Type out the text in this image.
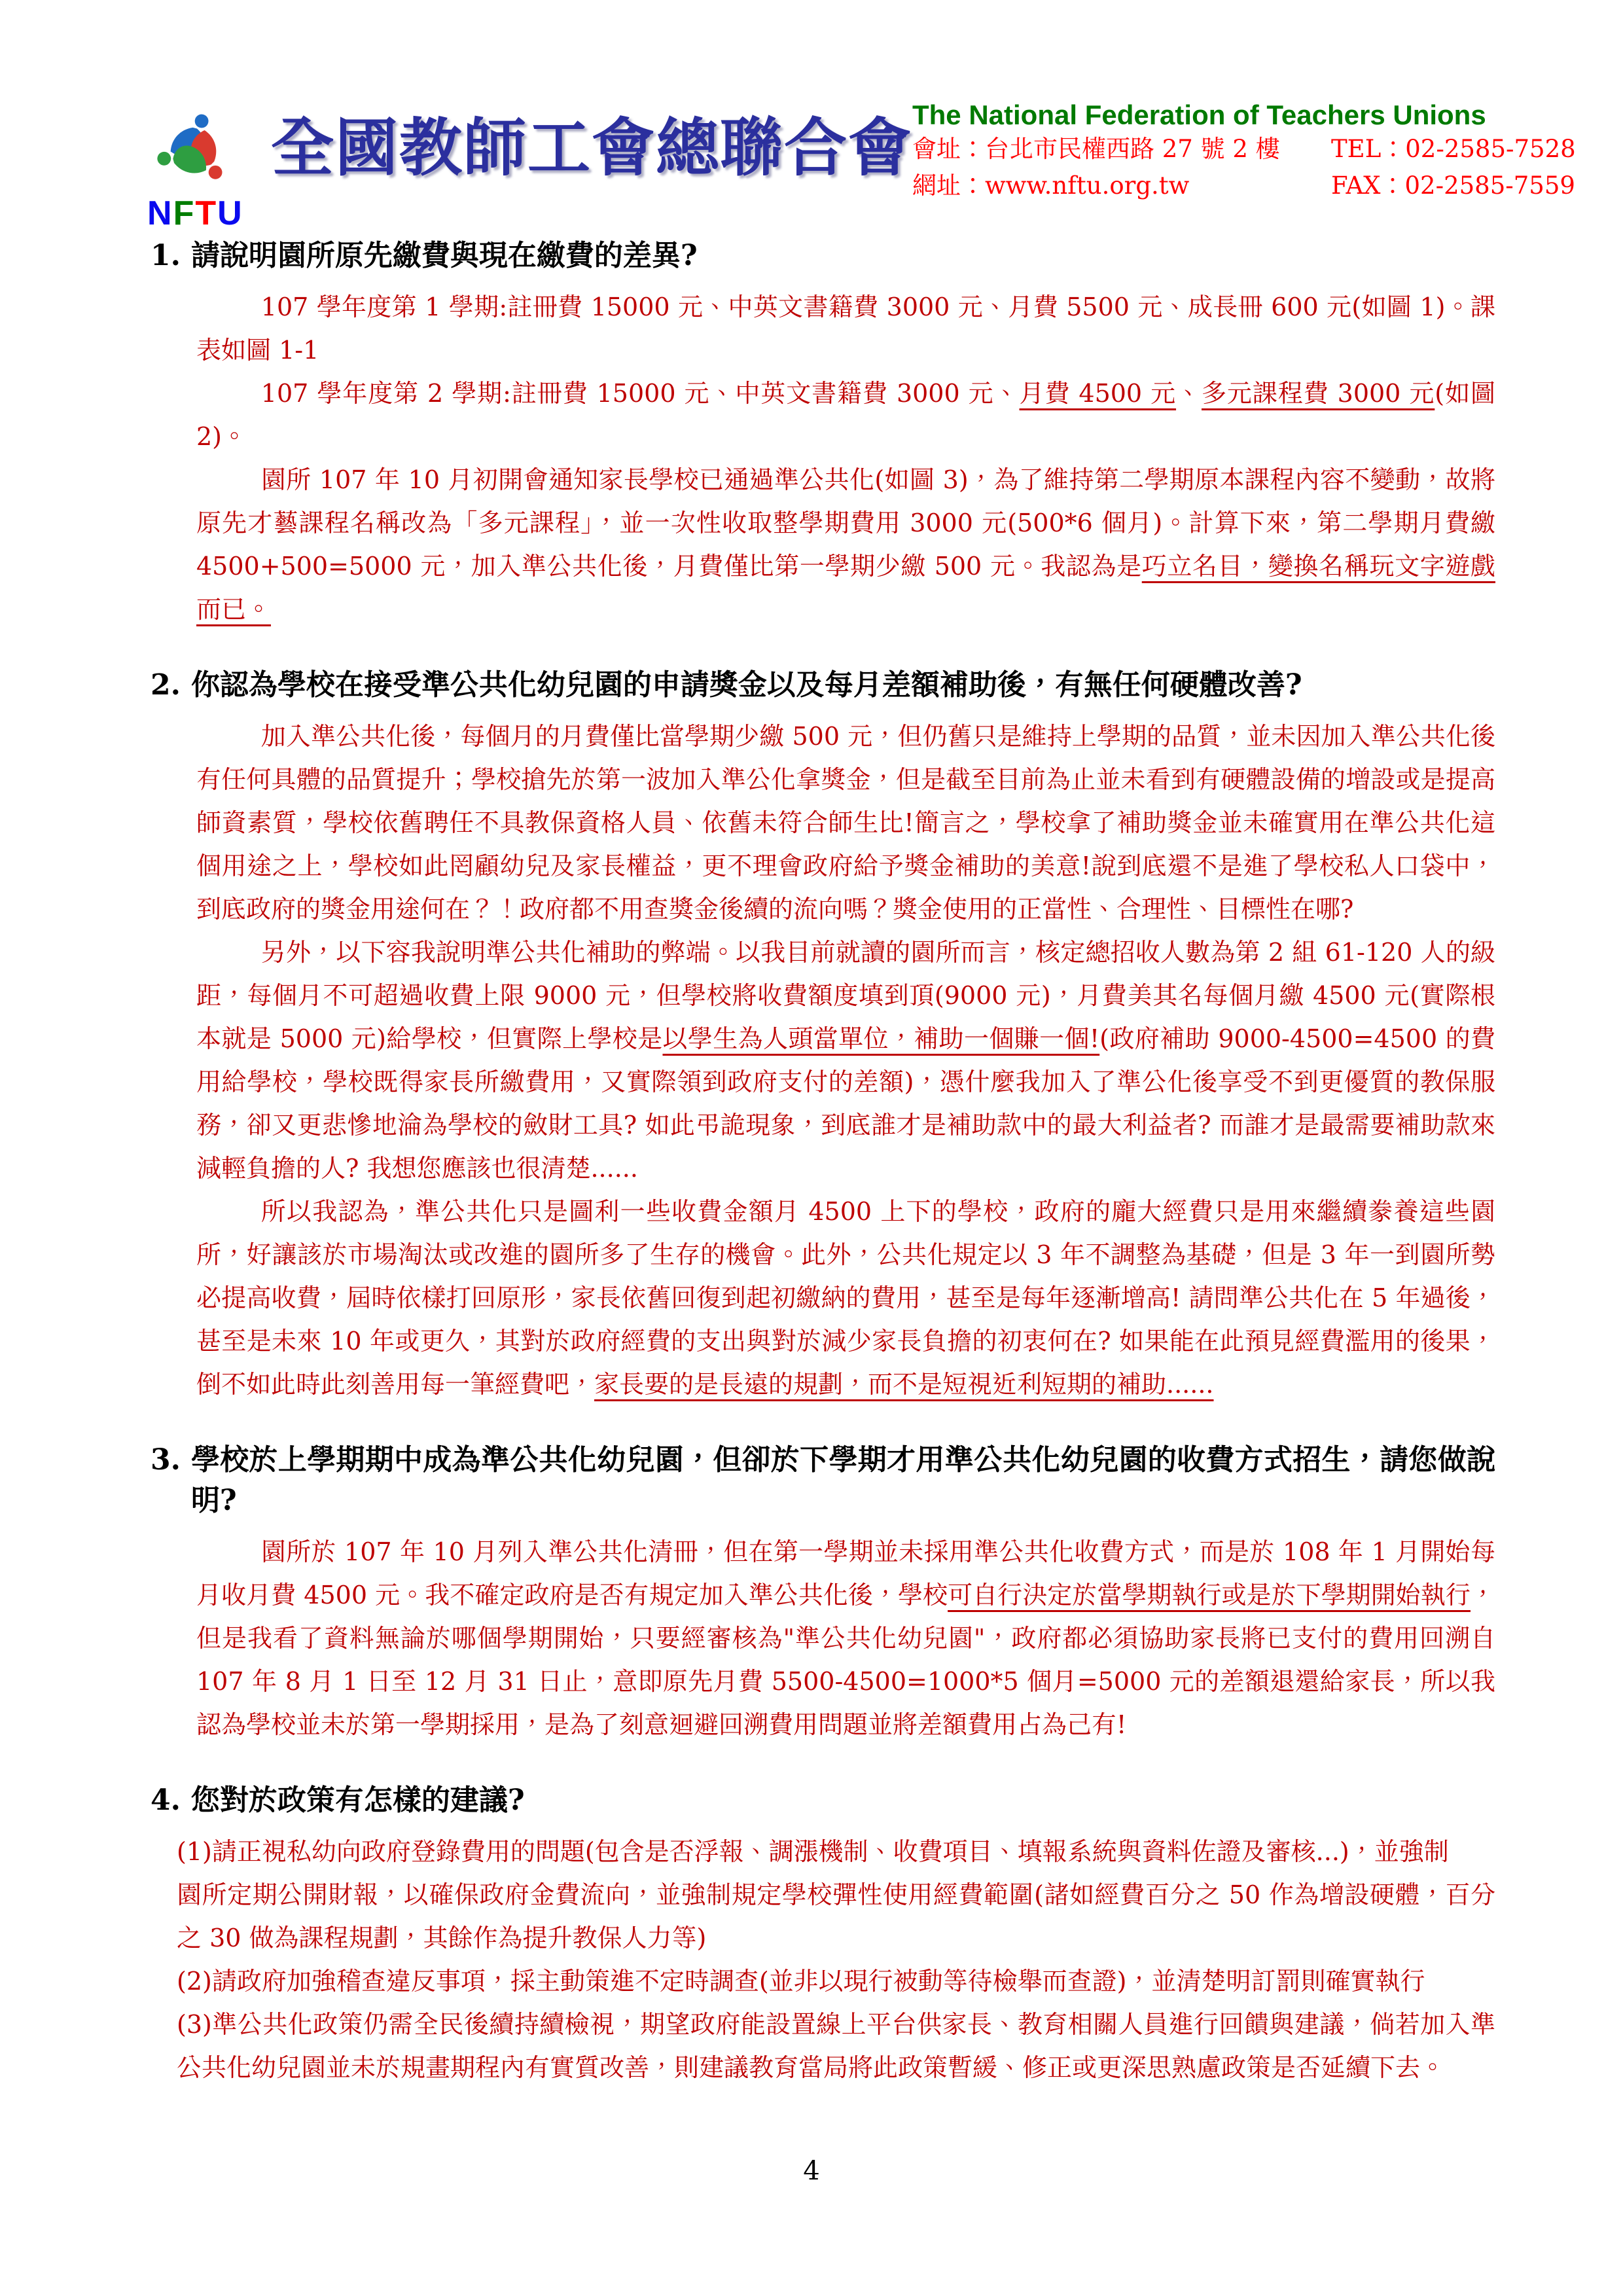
NFTU
全國教師工會總聯合會 The National Federation of Teachers Unions
會址：台北市民權西路 27 號 2 樓 TEL：02-2585-7528
網址：www.nftu.org.tw	FAX：02-2585-7559
1. 請說明園所原先繳費與現在繳費的差異?

107 學年度第 1 學期:註冊費 15000 元、中英文書籍費 3000 元、月費 5500 元、成長冊 600 元(如圖 1)。課表如圖 1-1

107 學年度第 2 學期:註冊費 15000 元、中英文書籍費 3000 元、月費 4500 元、多元課程費 3000 元(如圖 2)。

園所 107 年 10 月初開會通知家長學校已通過準公共化(如圖 3)，為了維持第二學期原本課程內容不變動，故將原先才藝課程名稱改為「多元課程」，並一次性收取整學期費用 3000 元(500*6 個月)。計算下來，第二學期月費繳 4500+500=5000 元，加入準公共化後，月費僅比第一學期少繳 500 元。我認為是巧立名目，變換名稱玩文字遊戲而已。

2. 你認為學校在接受準公共化幼兒園的申請獎金以及每月差額補助後，有無任何硬體改善?

加入準公共化後，每個月的月費僅比當學期少繳 500 元，但仍舊只是維持上學期的品質，並未因加入準公共化後有任何具體的品質提升；學校搶先於第一波加入準公化拿獎金，但是截至目前為止並未看到有硬體設備的增設或是提高師資素質，學校依舊聘任不具教保資格人員、依舊未符合師生比!簡言之，學校拿了補助獎金並未確實用在準公共化這個用途之上，學校如此罔顧幼兒及家長權益，更不理會政府給予獎金補助的美意!說到底還不是進了學校私人口袋中，到底政府的獎金用途何在？！政府都不用查獎金後續的流向嗎？獎金使用的正當性、合理性、目標性在哪?

另外，以下容我說明準公共化補助的弊端。以我目前就讀的園所而言，核定總招收人數為第 2 組 61-120 人的級距，每個月不可超過收費上限 9000 元，但學校將收費額度填到頂(9000 元)，月費美其名每個月繳 4500 元(實際根本就是 5000 元)給學校，但實際上學校是以學生為人頭當單位，補助一個賺一個!(政府補助 9000-4500=4500 的費用給學校，學校既得家長所繳費用，又實際領到政府支付的差額)，憑什麼我加入了準公化後享受不到更優質的教保服務，卻又更悲慘地淪為學校的斂財工具? 如此弔詭現象，到底誰才是補助款中的最大利益者? 而誰才是最需要補助款來減輕負擔的人? 我想您應該也很清楚......

所以我認為，準公共化只是圖利一些收費金額月 4500 上下的學校，政府的龐大經費只是用來繼續豢養這些園所，好讓該於市場淘汰或改進的園所多了生存的機會。此外，公共化規定以 3 年不調整為基礎，但是 3 年一到園所勢必提高收費，屆時依樣打回原形，家長依舊回復到起初繳納的費用，甚至是每年逐漸增高! 請問準公共化在 5 年過後，甚至是未來 10 年或更久，其對於政府經費的支出與對於減少家長負擔的初衷何在? 如果能在此預見經費濫用的後果，倒不如此時此刻善用每一筆經費吧，家長要的是長遠的規劃，而不是短視近利短期的補助......

3. 學校於上學期期中成為準公共化幼兒園，但卻於下學期才用準公共化幼兒園的收費方式招生，請您做說明?

園所於 107 年 10 月列入準公共化清冊，但在第一學期並未採用準公共化收費方式，而是於 108 年 1 月開始每月收月費 4500 元。我不確定政府是否有規定加入準公共化後，學校可自行決定於當學期執行或是於下學期開始執行，但是我看了資料無論於哪個學期開始，只要經審核為"準公共化幼兒園"，政府都必須協助家長將已支付的費用回溯自 107 年 8 月 1 日至 12 月 31 日止，意即原先月費 5500-4500=1000*5 個月=5000 元的差額退還給家長，所以我認為學校並未於第一學期採用，是為了刻意迴避回溯費用問題並將差額費用占為己有!

4. 您對於政策有怎樣的建議?

(1)請正視私幼向政府登錄費用的問題(包含是否浮報、調漲機制、收費項目、填報系統與資料佐證及審核...)，並強制

園所定期公開財報，以確保政府金費流向，並強制規定學校彈性使用經費範圍(諸如經費百分之 50 作為增設硬體，百分之 30 做為課程規劃，其餘作為提升教保人力等)

(2)請政府加強稽查違反事項，採主動策進不定時調查(並非以現行被動等待檢舉而查證)，並清楚明訂罰則確實執行

(3)準公共化政策仍需全民後續持續檢視，期望政府能設置線上平台供家長、教育相關人員進行回饋與建議，倘若加入準公共化幼兒園並未於規畫期程內有實質改善，則建議教育當局將此政策暫緩、修正或更深思熟慮政策是否延續下去。

4
